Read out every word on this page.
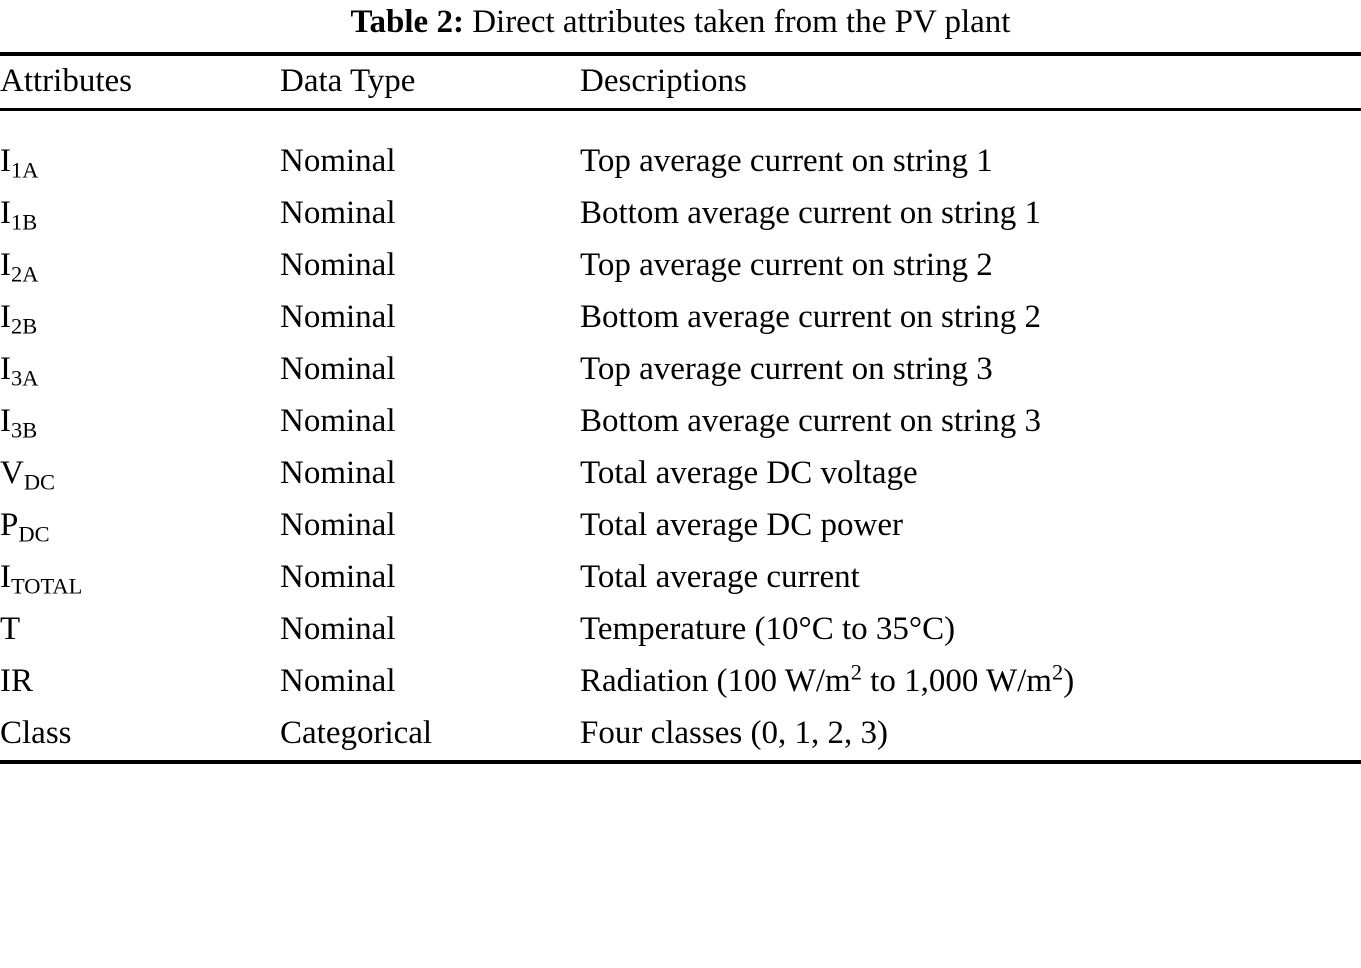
Table 2: Direct attributes taken from the PV plant
Attributes	Data Type	Descriptions

$I_{1A}$	Nominal	Top average current on string 1
$I_{1B}$	Nominal	Bottom average current on string 1
$I_{2A}$	Nominal	Top average current on string 2
$I_{2B}$	Nominal	Bottom average current on string 2
$I_{3A}$	Nominal	Top average current on string 3
$I_{3B}$	Nominal	Bottom average current on string 3
$V_{DC}$	Nominal	Total average DC voltage
$P_{DC}$	Nominal	Total average DC power
$I_{TOTAL}$	Nominal	Total average current
T	Nominal	Temperature (10°C to 35°C)
IR	Nominal	Radiation (100 $W/m^2$ to 1,000 $W/m^2$)
Class	Categorical	Four classes (0, 1, 2, 3)
